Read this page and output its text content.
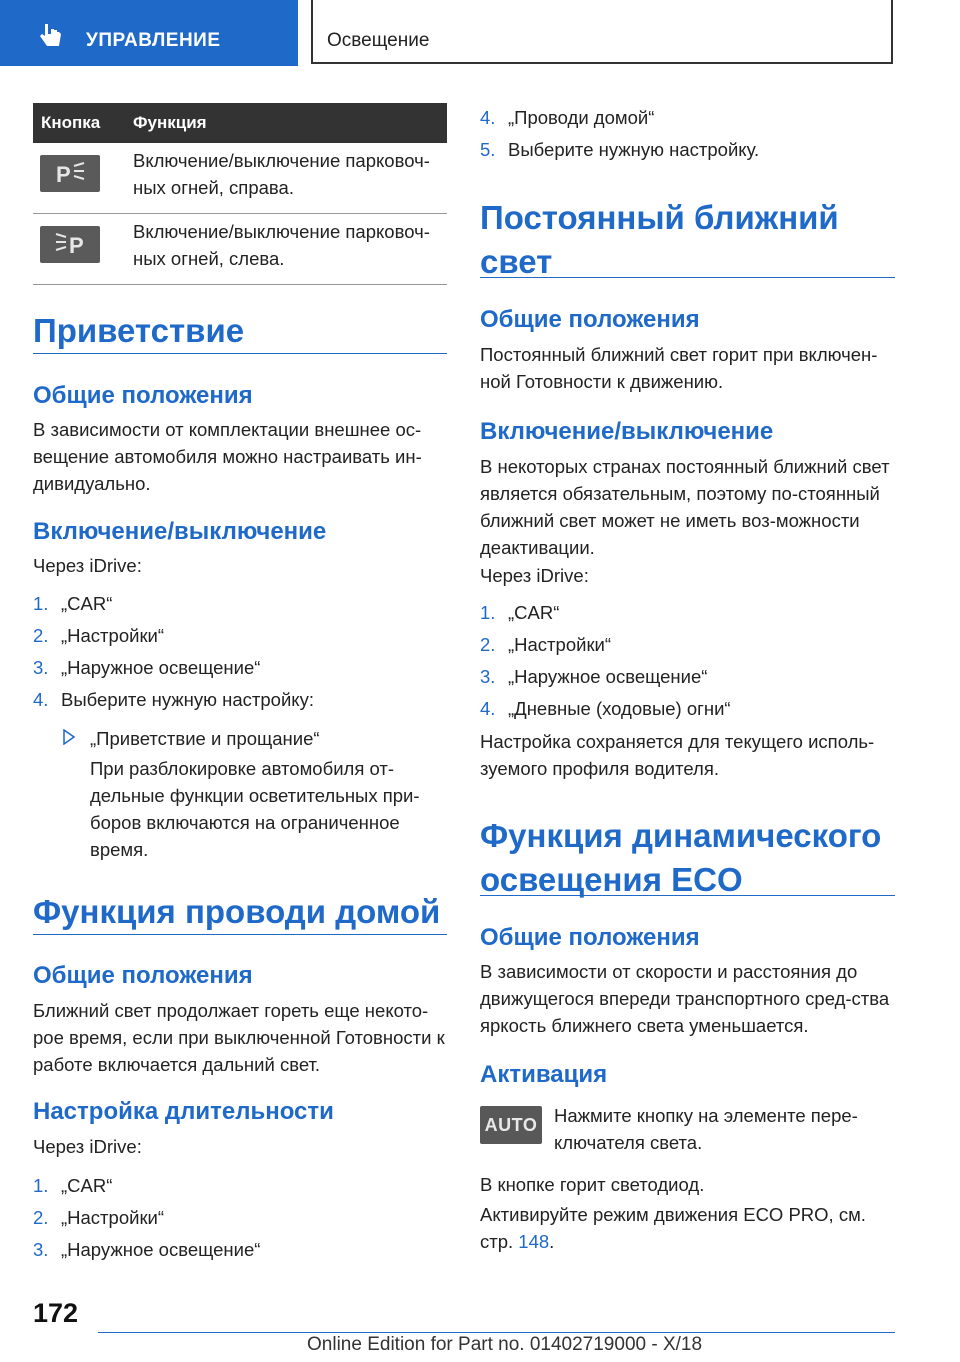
УПРАВЛЕНИЕ	Освещение
Кнопка	Функция

P	Включение/выключение парковоч-ных огней, справа.

P	Включение/выключение парковоч-ных огней, слева.
Приветствие
Общие положения

В зависимости от комплектации внешнее ос-вещение автомобиля можно настраивать ин-дивидуально.

Включение/выключение

Через iDrive:

1. „CAR“
2. „Настройки“
3. „Наружное освещение“
4. Выберите нужную настройку:

„Приветствие и прощание“

При разблокировке автомобиля от-дельные функции осветительных при-боров включаются на ограниченное время.

Функция проводи домой
Общие положения

Ближний свет продолжает гореть еще некото-рое время, если при выключенной Готовности к работе включается дальний свет.

Настройка длительности

Через iDrive:

1. „CAR“
2. „Настройки“
3. „Наружное освещение“
4. „Проводи домой“
5. Выберите нужную настройку.
Постоянный ближний свет
Общие положения

Постоянный ближний свет горит при включен-ной Готовности к движению.

Включение/выключение

В некоторых странах постоянный ближний свет является обязательным, поэтому по-стоянный ближний свет может не иметь воз-можности деактивации.

Через iDrive:

1. „CAR“
2. „Настройки“
3. „Наружное освещение“
4. „Дневные (ходовые) огни“

Настройка сохраняется для текущего исполь-зуемого профиля водителя.

Функция динамического освещения ECO
Общие положения

В зависимости от скорости и расстояния до движущегося впереди транспортного сред-ства яркость ближнего света уменьшается.

Активация
AUTO Нажмите кнопку на элементе пере-ключателя света.

В кнопке горит светодиод.

Активируйте режим движения ECO PRO, см. стр. 148.

172
Online Edition for Part no. 01402719000 - X/18
